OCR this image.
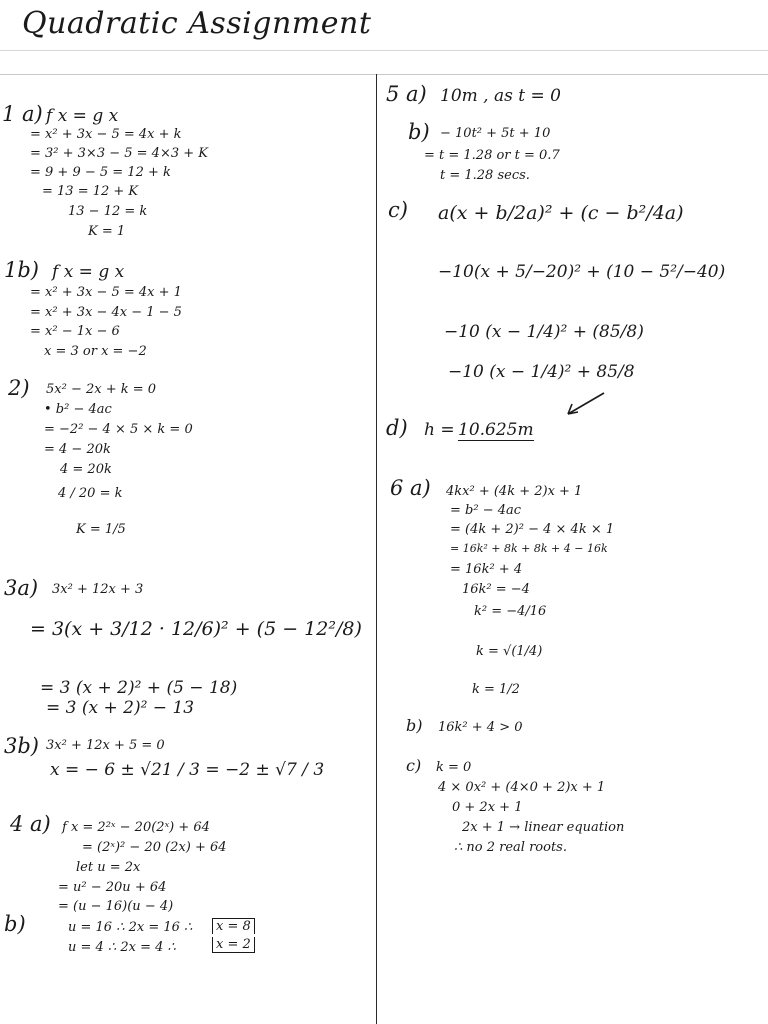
Quadratic Assignment
1 a) f x = g x
= x² + 3x − 5 = 4x + k
= 3² + 3×3 − 5 = 4×3 + K
= 9 + 9 − 5 = 12 + k
= 13 = 12 + K
13 − 12 = k
K = 1
1b) f x = g x
= x² + 3x − 5 = 4x + 1
= x² + 3x − 4x − 1 − 5
= x² − 1x − 6
x = 3 or x = −2
2) 5x² − 2x + k = 0
• b² − 4ac
= −2² − 4 × 5 × k = 0
= 4 − 20k
4 = 20k
4 / 20 = k
K = 1/5
3a) 3x² + 12x + 3
= 3(x + 3/12 · 12/6)² + (5 − 12²/8)
= 3 (x + 2)² + (5 − 18)
= 3 (x + 2)² − 13
3b) 3x² + 12x + 5 = 0
x = − 6 ± √21 / 3 = −2 ± √7 / 3
4 a) f x = 2²ˣ − 20(2ˣ) + 64
= (2ˣ)² − 20 (2x) + 64
let u = 2x
= u² − 20u + 64
= (u − 16)(u − 4)
b)	u = 16 ∴ 2x = 16 ∴
u = 4 ∴ 2x = 4 ∴
x = 8
x = 2
5 a) 10m , as t = 0
b) − 10t² + 5t + 10
= t = 1.28 or t = 0.7
t = 1.28 secs.
c) a(x + b/2a)² + (c − b²/4a)
−10(x + 5/−20)² + (10 − 5²/−40)
−10 (x − 1/4)² + (85/8)
−10 (x − 1/4)² + 85/8
d) h = 10.625m
6 a) 4kx² + (4k + 2)x + 1
= b² − 4ac
= (4k + 2)² − 4 × 4k × 1
= 16k² + 8k + 8k + 4 − 16k
= 16k² + 4
16k² = −4
k² = −4/16
k = √(1/4)
k = 1/2
b) 16k² + 4 > 0
c) k = 0
4 × 0x² + (4×0 + 2)x + 1
0 + 2x + 1
2x + 1 → linear equation
∴ no 2 real roots.
